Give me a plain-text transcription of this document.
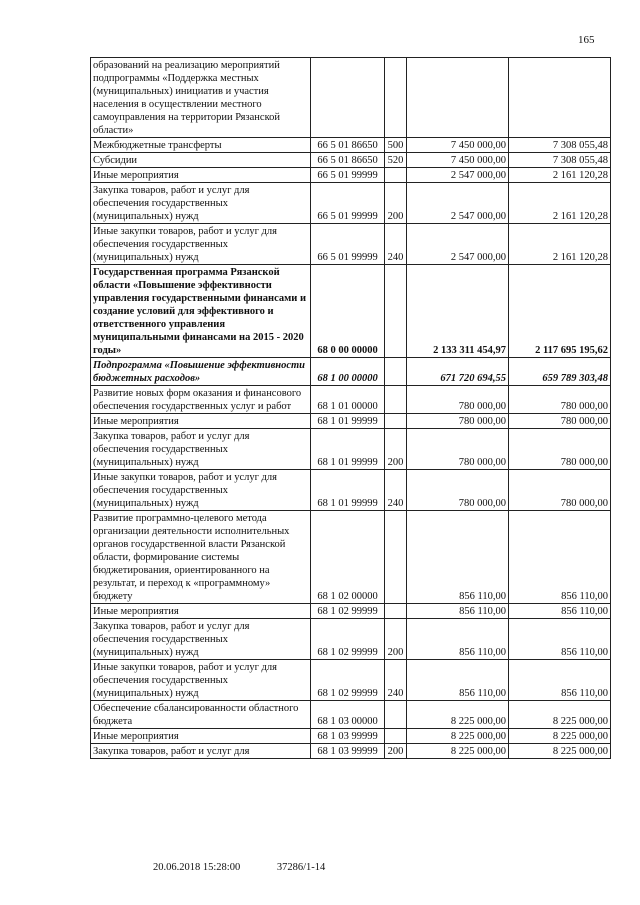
165
образований на реализацию мероприятий подпрограммы «Поддержка местных (муниципальных) инициатив и участия населения в осуществлении местного самоуправления на территории Рязанской области»				
Межбюджетные трансферты	66 5 01 86650	500	7 450 000,00	7 308 055,48
Субсидии	66 5 01 86650	520	7 450 000,00	7 308 055,48
Иные мероприятия	66 5 01 99999		2 547 000,00	2 161 120,28
Закупка товаров, работ и услуг для обеспечения государственных (муниципальных) нужд	66 5 01 99999	200	2 547 000,00	2 161 120,28
Иные закупки товаров, работ и услуг для обеспечения государственных (муниципальных) нужд	66 5 01 99999	240	2 547 000,00	2 161 120,28
Государственная программа Рязанской области «Повышение эффективности управления государственными финансами и создание условий для эффективного и ответственного управления муниципальными финансами на 2015 - 2020 годы»	68 0 00 00000		2 133 311 454,97	2 117 695 195,62
Подпрограмма «Повышение эффективности бюджетных расходов»	68 1 00 00000		671 720 694,55	659 789 303,48
Развитие новых форм оказания и финансового обеспечения государственных услуг и работ	68 1 01 00000		780 000,00	780 000,00
Иные мероприятия	68 1 01 99999		780 000,00	780 000,00
Закупка товаров, работ и услуг для обеспечения государственных (муниципальных) нужд	68 1 01 99999	200	780 000,00	780 000,00
Иные закупки товаров, работ и услуг для обеспечения государственных (муниципальных) нужд	68 1 01 99999	240	780 000,00	780 000,00
Развитие программно-целевого метода организации деятельности исполнительных органов государственной власти Рязанской области, формирование системы бюджетирования, ориентированного на результат, и переход к «программному» бюджету	68 1 02 00000		856 110,00	856 110,00
Иные мероприятия	68 1 02 99999		856 110,00	856 110,00
Закупка товаров, работ и услуг для обеспечения государственных (муниципальных) нужд	68 1 02 99999	200	856 110,00	856 110,00
Иные закупки товаров, работ и услуг для обеспечения государственных (муниципальных) нужд	68 1 02 99999	240	856 110,00	856 110,00
Обеспечение сбалансированности областного бюджета	68 1 03 00000		8 225 000,00	8 225 000,00
Иные мероприятия	68 1 03 99999		8 225 000,00	8 225 000,00
Закупка товаров, работ и услуг для	68 1 03 99999	200	8 225 000,00	8 225 000,00
20.06.2018 15:28:00	37286/1-14
